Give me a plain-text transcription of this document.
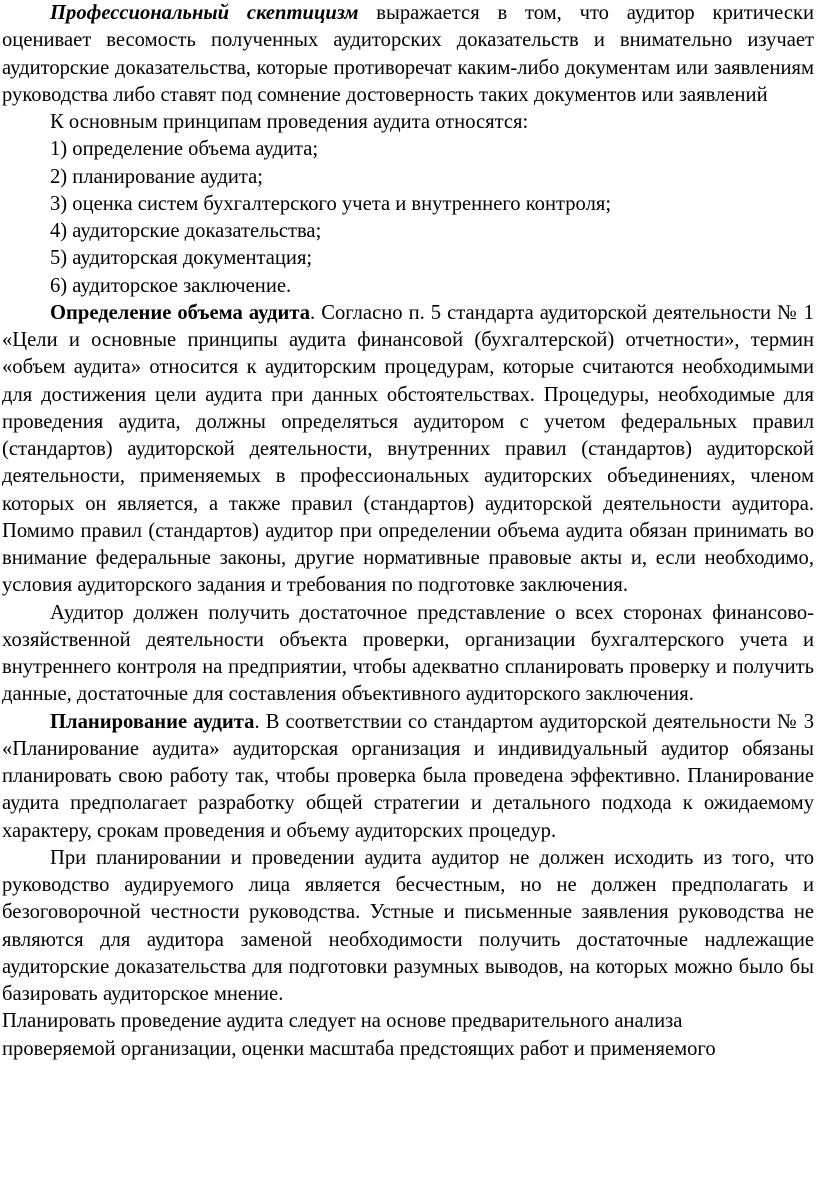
Профессиональный скептицизм выражается в том, что аудитор критически оценивает весомость полученных аудиторских доказательств и внимательно изучает аудиторские доказательства, которые противоречат каким-либо документам или заявлениям руководства либо ставят под сомнение достоверность таких документов или заявлений

К основным принципам проведения аудита относятся:

1) определение объема аудита;

2) планирование аудита;

3) оценка систем бухгалтерского учета и внутреннего контроля;

4) аудиторские доказательства;

5) аудиторская документация;

6) аудиторское заключение.

Определение объема аудита. Согласно п. 5 стандарта аудиторской деятельности № 1 «Цели и основные принципы аудита финансовой (бухгалтерской) отчетности», термин «объем аудита» относится к аудиторским процедурам, которые считаются необходимыми для достижения цели аудита при данных обстоятельствах. Процедуры, необходимые для проведения аудита, должны определяться аудитором с учетом федеральных правил (стандартов) аудиторской деятельности, внутренних правил (стандартов) аудиторской деятельности, применяемых в профессиональных аудиторских объединениях, членом которых он является, а также правил (стандартов) аудиторской деятельности аудитора. Помимо правил (стандартов) аудитор при определении объема аудита обязан принимать во внимание федеральные законы, другие нормативные правовые акты и, если необходимо, условия аудиторского задания и требования по подготовке заключения.

Аудитор должен получить достаточное представление о всех сторонах финансово-хозяйственной деятельности объекта проверки, организации бухгалтерского учета и внутреннего контроля на предприятии, чтобы адекватно спланировать проверку и получить данные, достаточные для составления объективного аудиторского заключения.

Планирование аудита. В соответствии со стандартом аудиторской деятельности № 3 «Планирование аудита» аудиторская организация и индивидуальный аудитор обязаны планировать свою работу так, чтобы проверка была проведена эффективно. Планирование аудита предполагает разработку общей стратегии и детального подхода к ожидаемому характеру, срокам проведения и объему аудиторских процедур.

При планировании и проведении аудита аудитор не должен исходить из того, что руководство аудируемого лица является бесчестным, но не должен предполагать и безоговорочной честности руководства. Устные и письменные заявления руководства не являются для аудитора заменой необходимости получить достаточные надлежащие аудиторские доказательства для подготовки разумных выводов, на которых можно было бы базировать аудиторское мнение.

Планировать проведение аудита следует на основе предварительного анализа

проверяемой организации, оценки масштаба предстоящих работ и применяемого
